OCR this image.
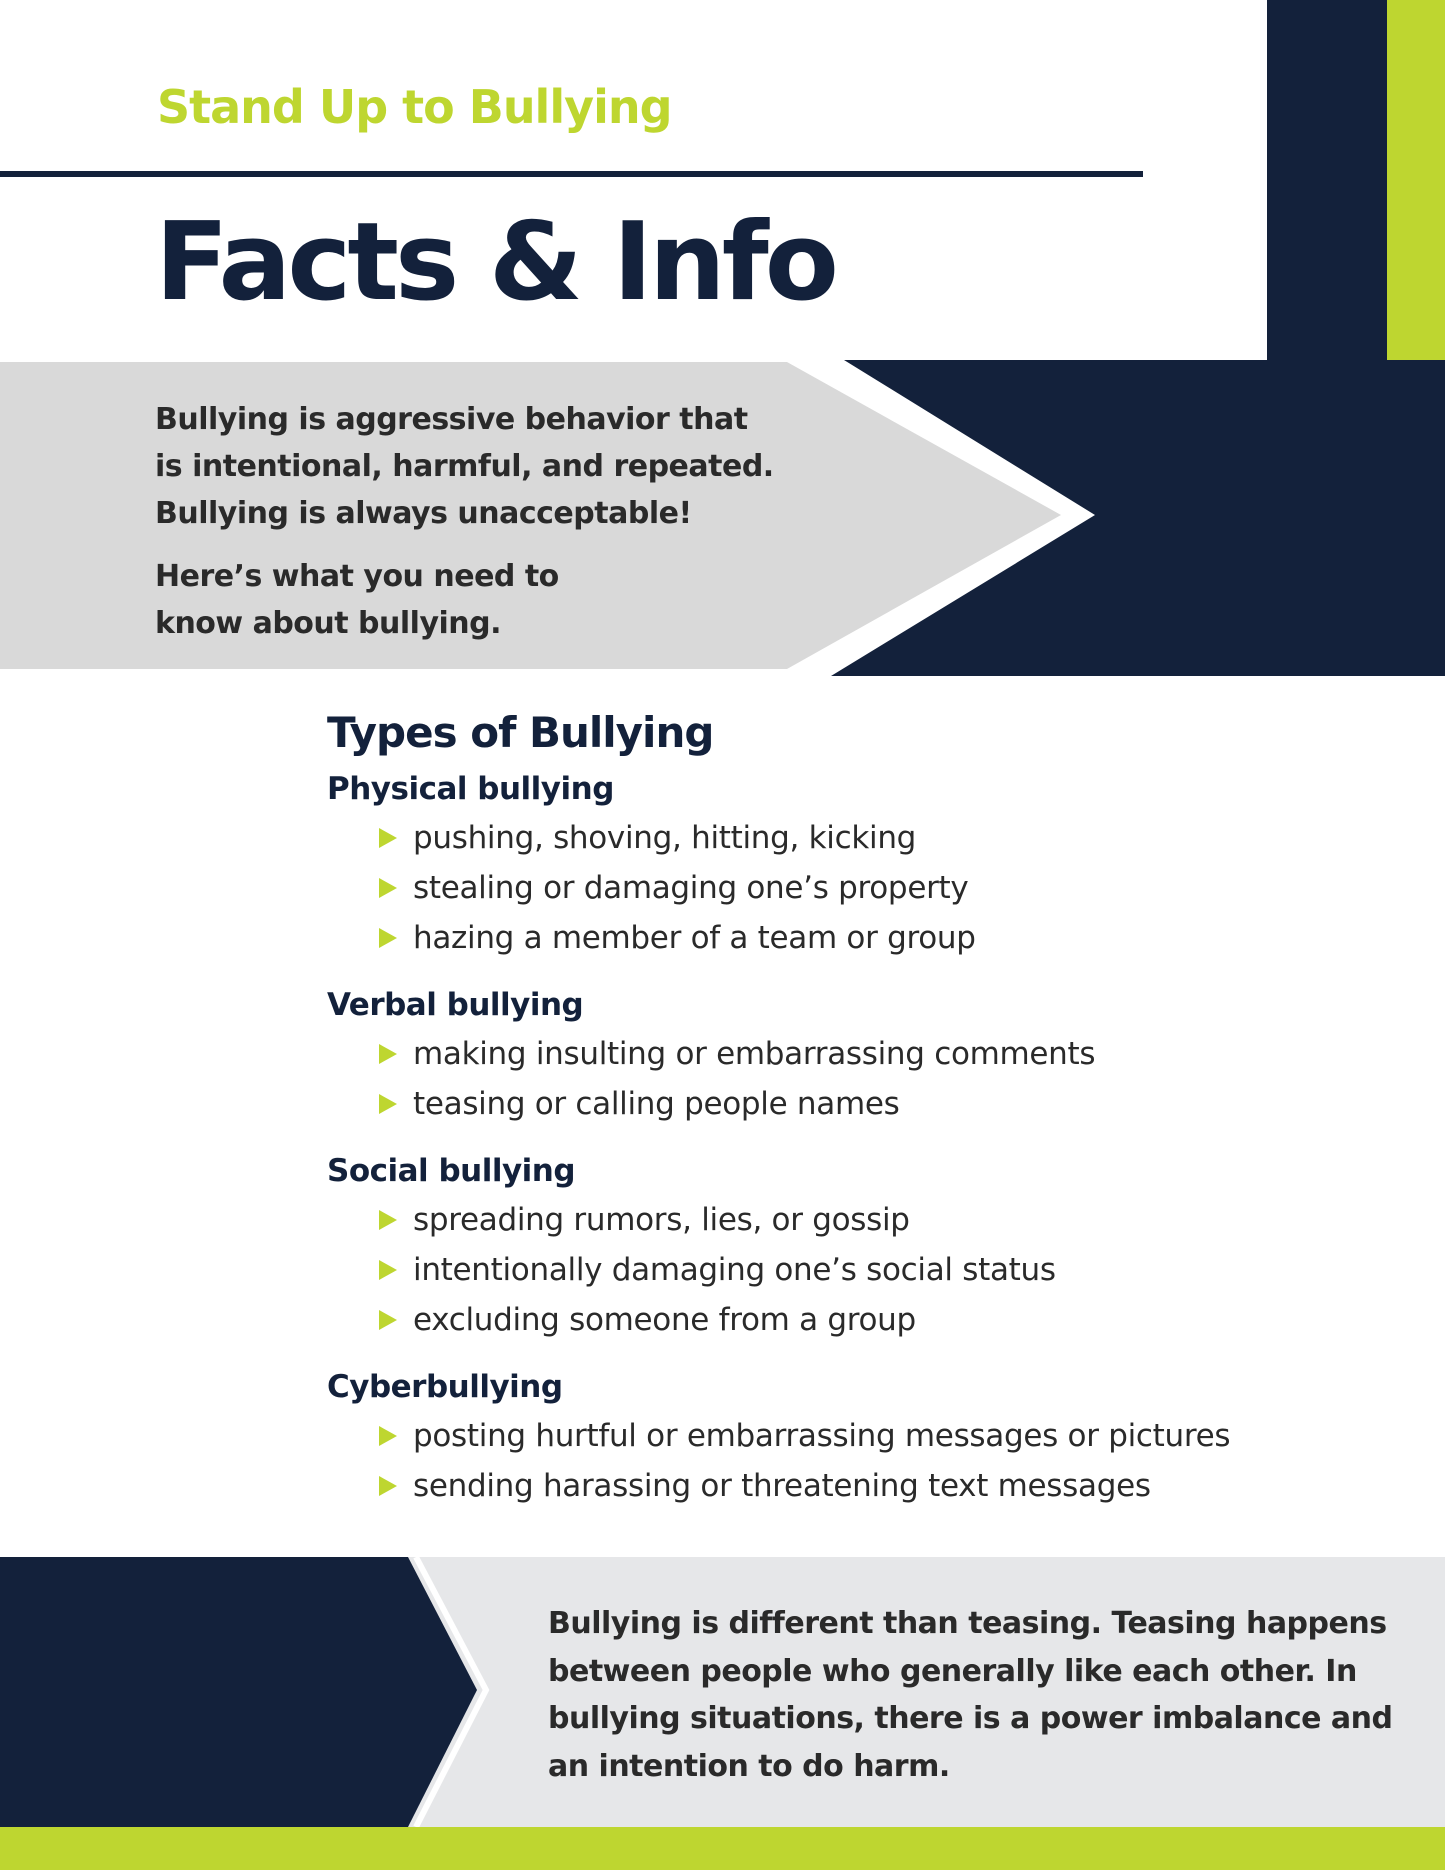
Stand Up to Bullying
Facts & Info

Bullying is aggressive behavior that is intentional, harmful, and repeated. Bullying is always unacceptable!

Here’s what you need to know about bullying.

Types of Bullying
Physical bullying
pushing, shoving, hitting, kicking
stealing or damaging one’s property
hazing a member of a team or group
Verbal bullying
making insulting or embarrassing comments
teasing or calling people names
Social bullying
spreading rumors, lies, or gossip
intentionally damaging one’s social status
excluding someone from a group
Cyberbullying
posting hurtful or embarrassing messages or pictures
sending harassing or threatening text messages
Bullying is different than teasing. Teasing happens between people who generally like each other. In bullying situations, there is a power imbalance and an intention to do harm.
